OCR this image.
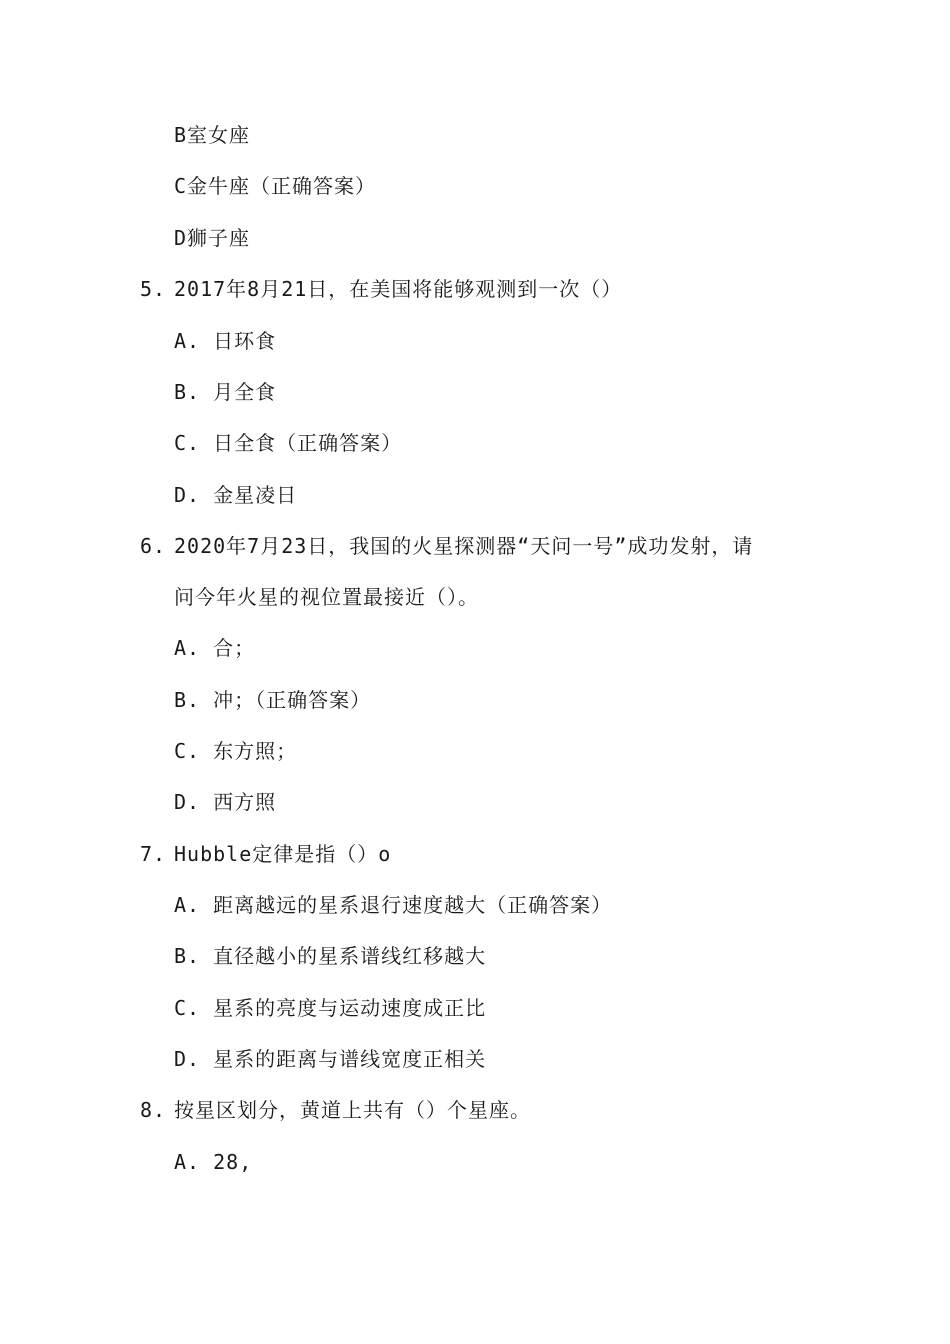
B室女座
C金牛座（正确答案）
D狮子座
5. 2017年8月21日，在美国将能够观测到一次（）
A. 日环食
B. 月全食
C. 日全食（正确答案）
D. 金星凌日
6. 2020年7月23日，我国的火星探测器“天问一号”成功发射，请
问今年火星的视位置最接近（）。
A. 合；
B. 冲；（正确答案）
C. 东方照；
D. 西方照
7. Hubble定律是指（）o
A. 距离越远的星系退行速度越大（正确答案）
B. 直径越小的星系谱线红移越大
C. 星系的亮度与运动速度成正比
D. 星系的距离与谱线宽度正相关
8. 按星区划分，黄道上共有（）个星座。
A. 28,
